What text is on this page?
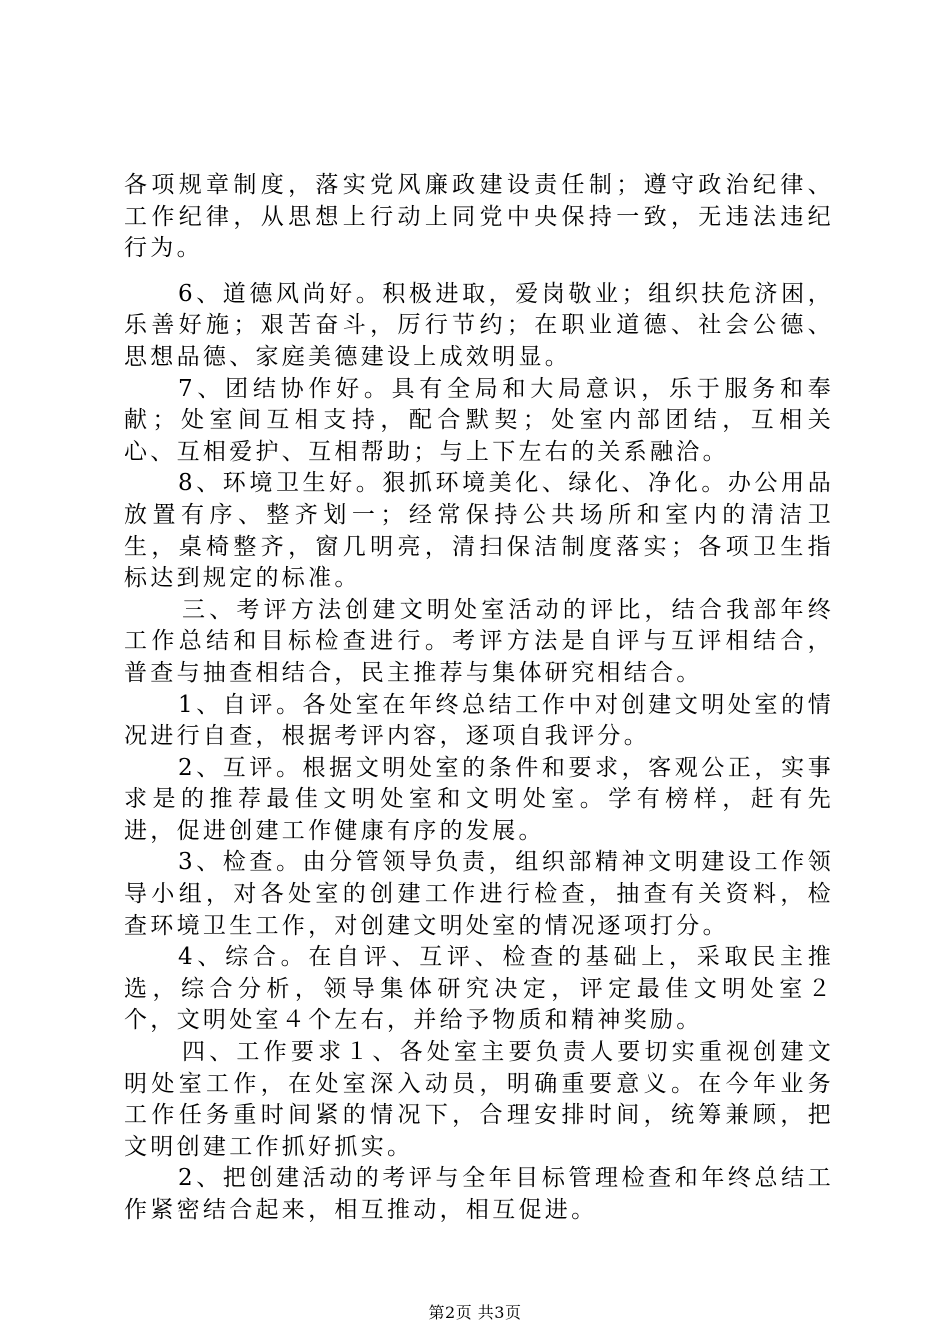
各项规章制度，落实党风廉政建设责任制；遵守政治纪律、工作纪律，从思想上行动上同党中央保持一致，无违法违纪行为。

6、道德风尚好。积极进取，爱岗敬业；组织扶危济困，乐善好施；艰苦奋斗，厉行节约；在职业道德、社会公德、思想品德、家庭美德建设上成效明显。

7、团结协作好。具有全局和大局意识，乐于服务和奉献；处室间互相支持，配合默契；处室内部团结，互相关心、互相爱护、互相帮助；与上下左右的关系融洽。

8、环境卫生好。狠抓环境美化、绿化、净化。办公用品放置有序、整齐划一；经常保持公共场所和室内的清洁卫生，桌椅整齐，窗几明亮，清扫保洁制度落实；各项卫生指标达到规定的标准。

三、考评方法创建文明处室活动的评比，结合我部年终工作总结和目标检查进行。考评方法是自评与互评相结合，普查与抽查相结合，民主推荐与集体研究相结合。

1、自评。各处室在年终总结工作中对创建文明处室的情况进行自查，根据考评内容，逐项自我评分。

2、互评。根据文明处室的条件和要求，客观公正，实事求是的推荐最佳文明处室和文明处室。学有榜样，赶有先进，促进创建工作健康有序的发展。

3、检查。由分管领导负责，组织部精神文明建设工作领导小组，对各处室的创建工作进行检查，抽查有关资料，检查环境卫生工作，对创建文明处室的情况逐项打分。

4、综合。在自评、互评、检查的基础上，采取民主推选，综合分析，领导集体研究决定，评定最佳文明处室２个，文明处室４个左右，并给予物质和精神奖励。

四、工作要求１、各处室主要负责人要切实重视创建文明处室工作，在处室深入动员，明确重要意义。在今年业务工作任务重时间紧的情况下，合理安排时间，统筹兼顾，把文明创建工作抓好抓实。

2、把创建活动的考评与全年目标管理检查和年终总结工作紧密结合起来，相互推动，相互促进。

第2页 共3页
